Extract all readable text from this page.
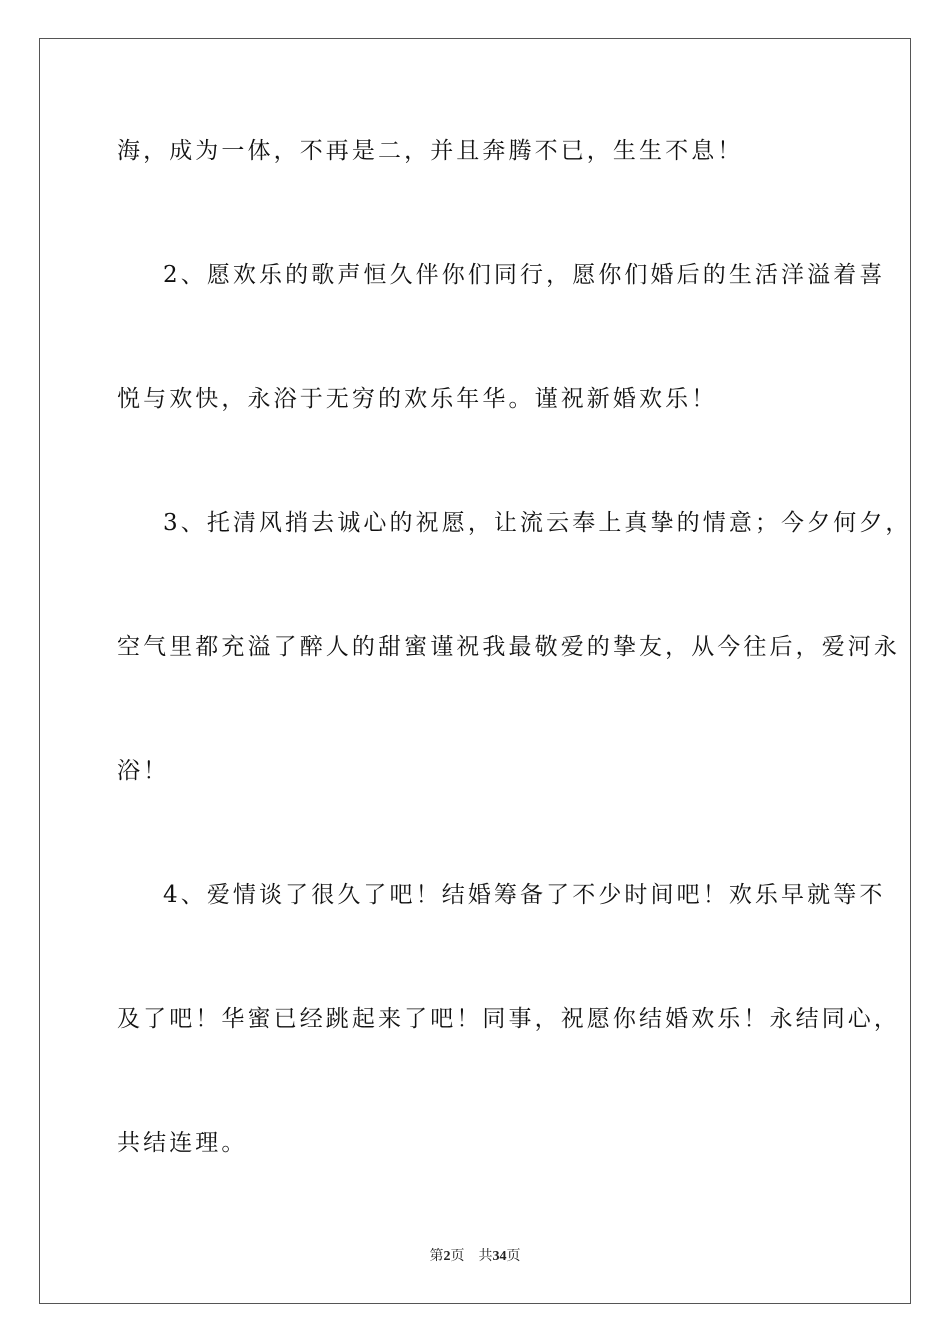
海，成为一体，不再是二，并且奔腾不已，生生不息！
2、愿欢乐的歌声恒久伴你们同行，愿你们婚后的生活洋溢着喜
悦与欢快，永浴于无穷的欢乐年华。谨祝新婚欢乐！
3、托清风捎去诚心的祝愿，让流云奉上真挚的情意；今夕何夕，
空气里都充溢了醉人的甜蜜谨祝我最敬爱的挚友，从今往后，爱河永
浴！
4、爱情谈了很久了吧！结婚筹备了不少时间吧！欢乐早就等不
及了吧！华蜜已经跳起来了吧！同事，祝愿你结婚欢乐！永结同心，
共结连理。
第2页 共34页
